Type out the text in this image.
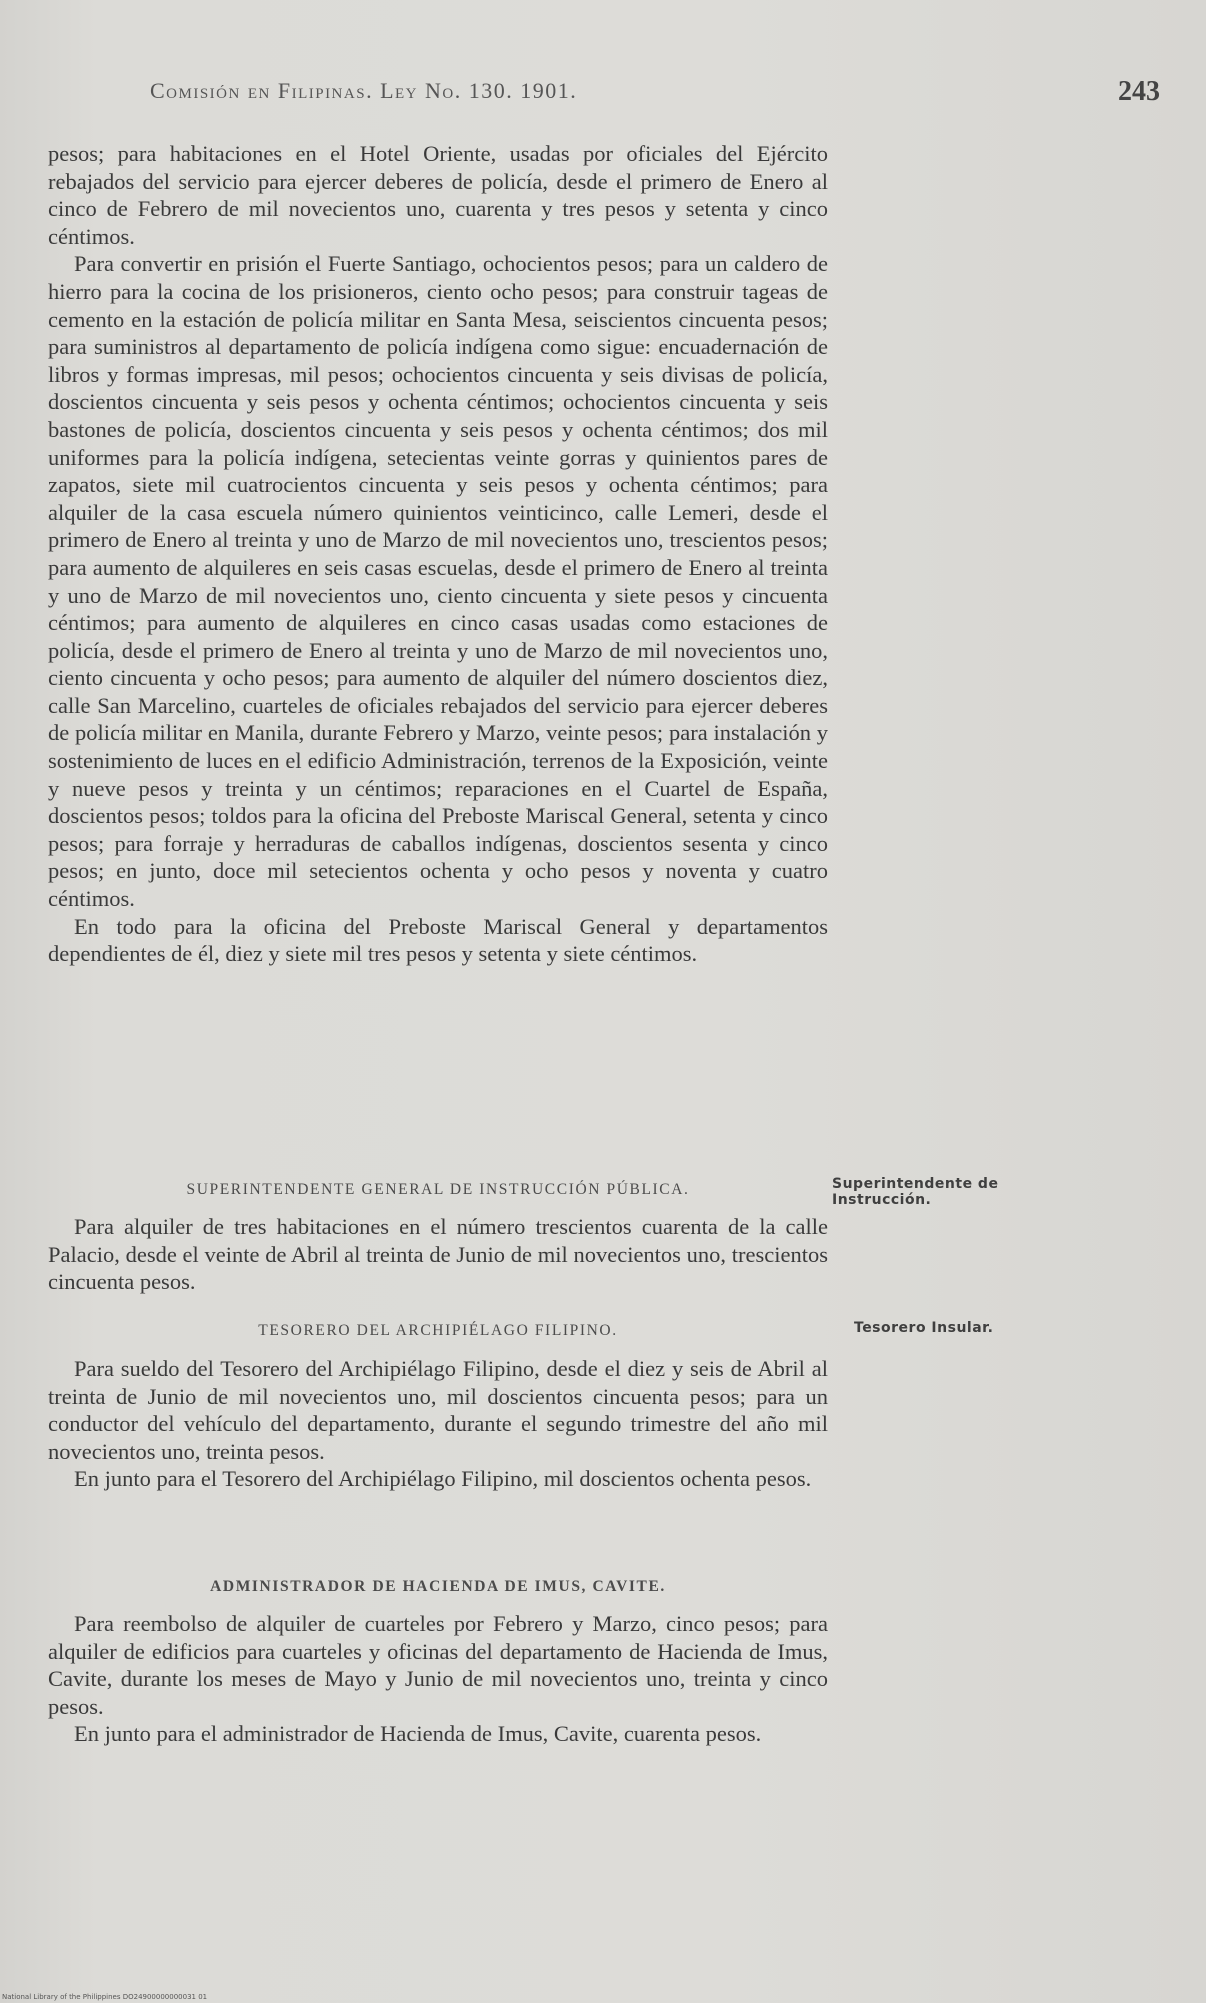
Comisión en Filipinas. Ley No. 130. 1901.	243

pesos; para habitaciones en el Hotel Oriente, usadas por oficiales del Ejército rebajados del servicio para ejercer deberes de policía, desde el primero de Enero al cinco de Febrero de mil novecientos uno, cuarenta y tres pesos y setenta y cinco céntimos.

Para convertir en prisión el Fuerte Santiago, ochocientos pesos; para un caldero de hierro para la cocina de los prisioneros, ciento ocho pesos; para construir tageas de cemento en la estación de policía militar en Santa Mesa, seiscientos cincuenta pesos; para suministros al departamento de policía indígena como sigue: encuadernación de libros y formas impresas, mil pesos; ochocientos cincuenta y seis divisas de policía, doscientos cincuenta y seis pesos y ochenta céntimos; ochocientos cincuenta y seis bastones de policía, doscientos cincuenta y seis pesos y ochenta céntimos; dos mil uniformes para la policía indígena, setecientas veinte gorras y quinientos pares de zapatos, siete mil cuatrocientos cincuenta y seis pesos y ochenta céntimos; para alquiler de la casa escuela número quinientos veinticinco, calle Lemeri, desde el primero de Enero al treinta y uno de Marzo de mil novecientos uno, trescientos pesos; para aumento de alquileres en seis casas escuelas, desde el primero de Enero al treinta y uno de Marzo de mil novecientos uno, ciento cincuenta y siete pesos y cincuenta céntimos; para aumento de alquileres en cinco casas usadas como estaciones de policía, desde el primero de Enero al treinta y uno de Marzo de mil novecientos uno, ciento cincuenta y ocho pesos; para aumento de alquiler del número doscientos diez, calle San Marcelino, cuarteles de oficiales rebajados del servicio para ejercer deberes de policía militar en Manila, durante Febrero y Marzo, veinte pesos; para instalación y sostenimiento de luces en el edificio Administración, terrenos de la Exposición, veinte y nueve pesos y treinta y un céntimos; reparaciones en el Cuartel de España, doscientos pesos; toldos para la oficina del Preboste Mariscal General, setenta y cinco pesos; para forraje y herraduras de caballos indígenas, doscientos sesenta y cinco pesos; en junto, doce mil setecientos ochenta y ocho pesos y noventa y cuatro céntimos.

En todo para la oficina del Preboste Mariscal General y departamentos dependientes de él, diez y siete mil tres pesos y setenta y siete céntimos.

SUPERINTENDENTE GENERAL DE INSTRUCCIÓN PÚBLICA.	Superintendente de Instrucción.

Para alquiler de tres habitaciones en el número trescientos cuarenta de la calle Palacio, desde el veinte de Abril al treinta de Junio de mil novecientos uno, trescientos cincuenta pesos.

TESORERO DEL ARCHIPIÉLAGO FILIPINO.	Tesorero Insular.

Para sueldo del Tesorero del Archipiélago Filipino, desde el diez y seis de Abril al treinta de Junio de mil novecientos uno, mil doscientos cincuenta pesos; para un conductor del vehículo del departamento, durante el segundo trimestre del año mil novecientos uno, treinta pesos.

En junto para el Tesorero del Archipiélago Filipino, mil doscientos ochenta pesos.

ADMINISTRADOR DE HACIENDA DE IMUS, CAVITE.

Para reembolso de alquiler de cuarteles por Febrero y Marzo, cinco pesos; para alquiler de edificios para cuarteles y oficinas del departamento de Hacienda de Imus, Cavite, durante los meses de Mayo y Junio de mil novecientos uno, treinta y cinco pesos.

En junto para el administrador de Hacienda de Imus, Cavite, cuarenta pesos.

National Library of the Philippines DO24900000000031 01
